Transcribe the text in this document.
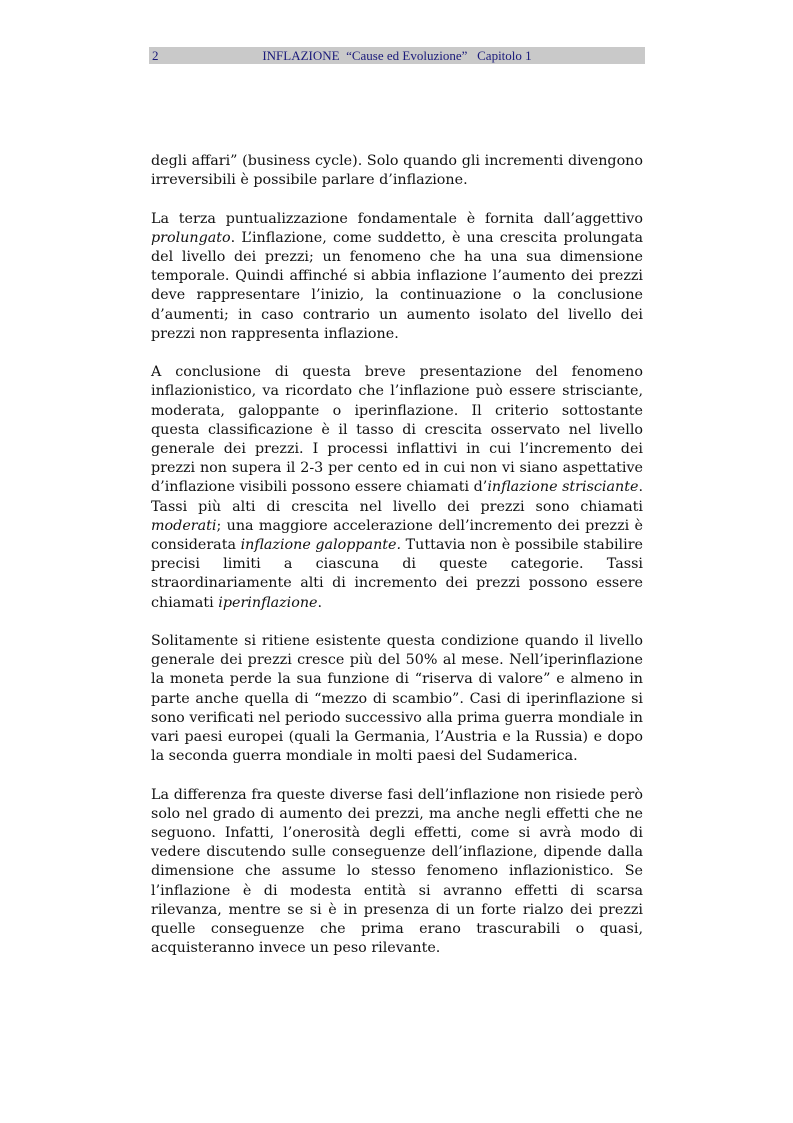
2	INFLAZIONE  “Cause ed Evoluzione”   Capitolo 1

degli affari” (business cycle). Solo quando gli incrementi divengono irreversibili è possibile parlare d’inflazione.

La terza puntualizzazione fondamentale è fornita dall’aggettivo prolungato. L’inflazione, come suddetto, è una crescita prolungata del livello dei prezzi; un fenomeno che ha una sua dimensione temporale. Quindi affinché si abbia inflazione l’aumento dei prezzi deve rappresentare l’inizio, la continuazione o la conclusione d’aumenti; in caso contrario un aumento isolato del livello dei prezzi non rappresenta inflazione.

A conclusione di questa breve presentazione del fenomeno inflazionistico, va ricordato che l’inflazione può essere strisciante, moderata, galoppante o iperinflazione. Il criterio sottostante questa classificazione è il tasso di crescita osservato nel livello generale dei prezzi. I processi inflattivi in cui l’incremento dei prezzi non supera il 2-3 per cento ed in cui non vi siano aspettative d’inflazione visibili possono essere chiamati d’inflazione strisciante. Tassi più alti di crescita nel livello dei prezzi sono chiamati moderati; una maggiore accelerazione dell’incremento dei prezzi è considerata inflazione galoppante. Tuttavia non è possibile stabilire precisi limiti a ciascuna di queste categorie. Tassi straordinariamente alti di incremento dei prezzi possono essere chiamati iperinflazione.

Solitamente si ritiene esistente questa condizione quando il livello generale dei prezzi cresce più del 50% al mese. Nell’iperinflazione la moneta perde la sua funzione di “riserva di valore” e almeno in parte anche quella di “mezzo di scambio”. Casi di iperinflazione si sono verificati nel periodo successivo alla prima guerra mondiale in vari paesi europei (quali la Germania, l’Austria e la Russia) e dopo la seconda guerra mondiale in molti paesi del Sudamerica.

La differenza fra queste diverse fasi dell’inflazione non risiede però solo nel grado di aumento dei prezzi, ma anche negli effetti che ne seguono. Infatti, l’onerosità degli effetti, come si avrà modo di vedere discutendo sulle conseguenze dell’inflazione, dipende dalla dimensione che assume lo stesso fenomeno inflazionistico. Se l’inflazione è di modesta entità si avranno effetti di scarsa rilevanza, mentre se si è in presenza di un forte rialzo dei prezzi quelle conseguenze che prima erano trascurabili o quasi, acquisteranno invece un peso rilevante.
